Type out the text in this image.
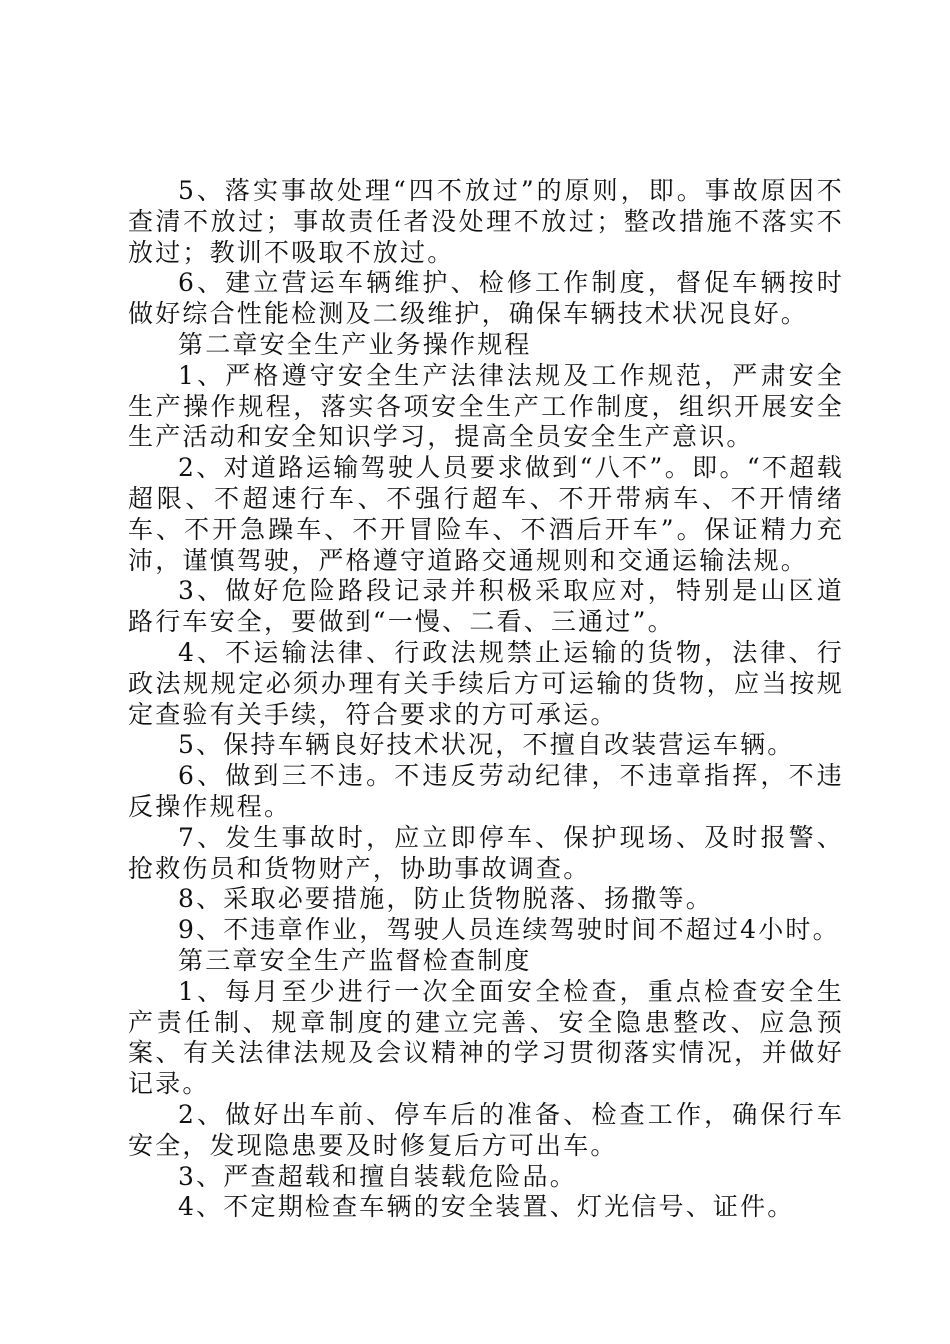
5、落实事故处理“四不放过”的原则，即。事故原因不查清不放过；事故责任者没处理不放过；整改措施不落实不放过；教训不吸取不放过。

6、建立营运车辆维护、检修工作制度，督促车辆按时做好综合性能检测及二级维护，确保车辆技术状况良好。

第二章安全生产业务操作规程

1、严格遵守安全生产法律法规及工作规范，严肃安全生产操作规程，落实各项安全生产工作制度，组织开展安全生产活动和安全知识学习，提高全员安全生产意识。

2、对道路运输驾驶人员要求做到“八不”。即。“不超载超限、不超速行车、不强行超车、不开带病车、不开情绪车、不开急躁车、不开冒险车、不酒后开车”。保证精力充沛，谨慎驾驶，严格遵守道路交通规则和交通运输法规。

3、做好危险路段记录并积极采取应对，特别是山区道路行车安全，要做到“一慢、二看、三通过”。

4、不运输法律、行政法规禁止运输的货物，法律、行政法规规定必须办理有关手续后方可运输的货物，应当按规定查验有关手续，符合要求的方可承运。

5、保持车辆良好技术状况，不擅自改装营运车辆。

6、做到三不违。不违反劳动纪律，不违章指挥，不违反操作规程。

7、发生事故时，应立即停车、保护现场、及时报警、抢救伤员和货物财产，协助事故调查。

8、采取必要措施，防止货物脱落、扬撒等。

9、不违章作业，驾驶人员连续驾驶时间不超过4小时。

第三章安全生产监督检查制度

1、每月至少进行一次全面安全检查，重点检查安全生产责任制、规章制度的建立完善、安全隐患整改、应急预案、有关法律法规及会议精神的学习贯彻落实情况，并做好记录。

2、做好出车前、停车后的准备、检查工作，确保行车安全，发现隐患要及时修复后方可出车。

3、严查超载和擅自装载危险品。

4、不定期检查车辆的安全装置、灯光信号、证件。
